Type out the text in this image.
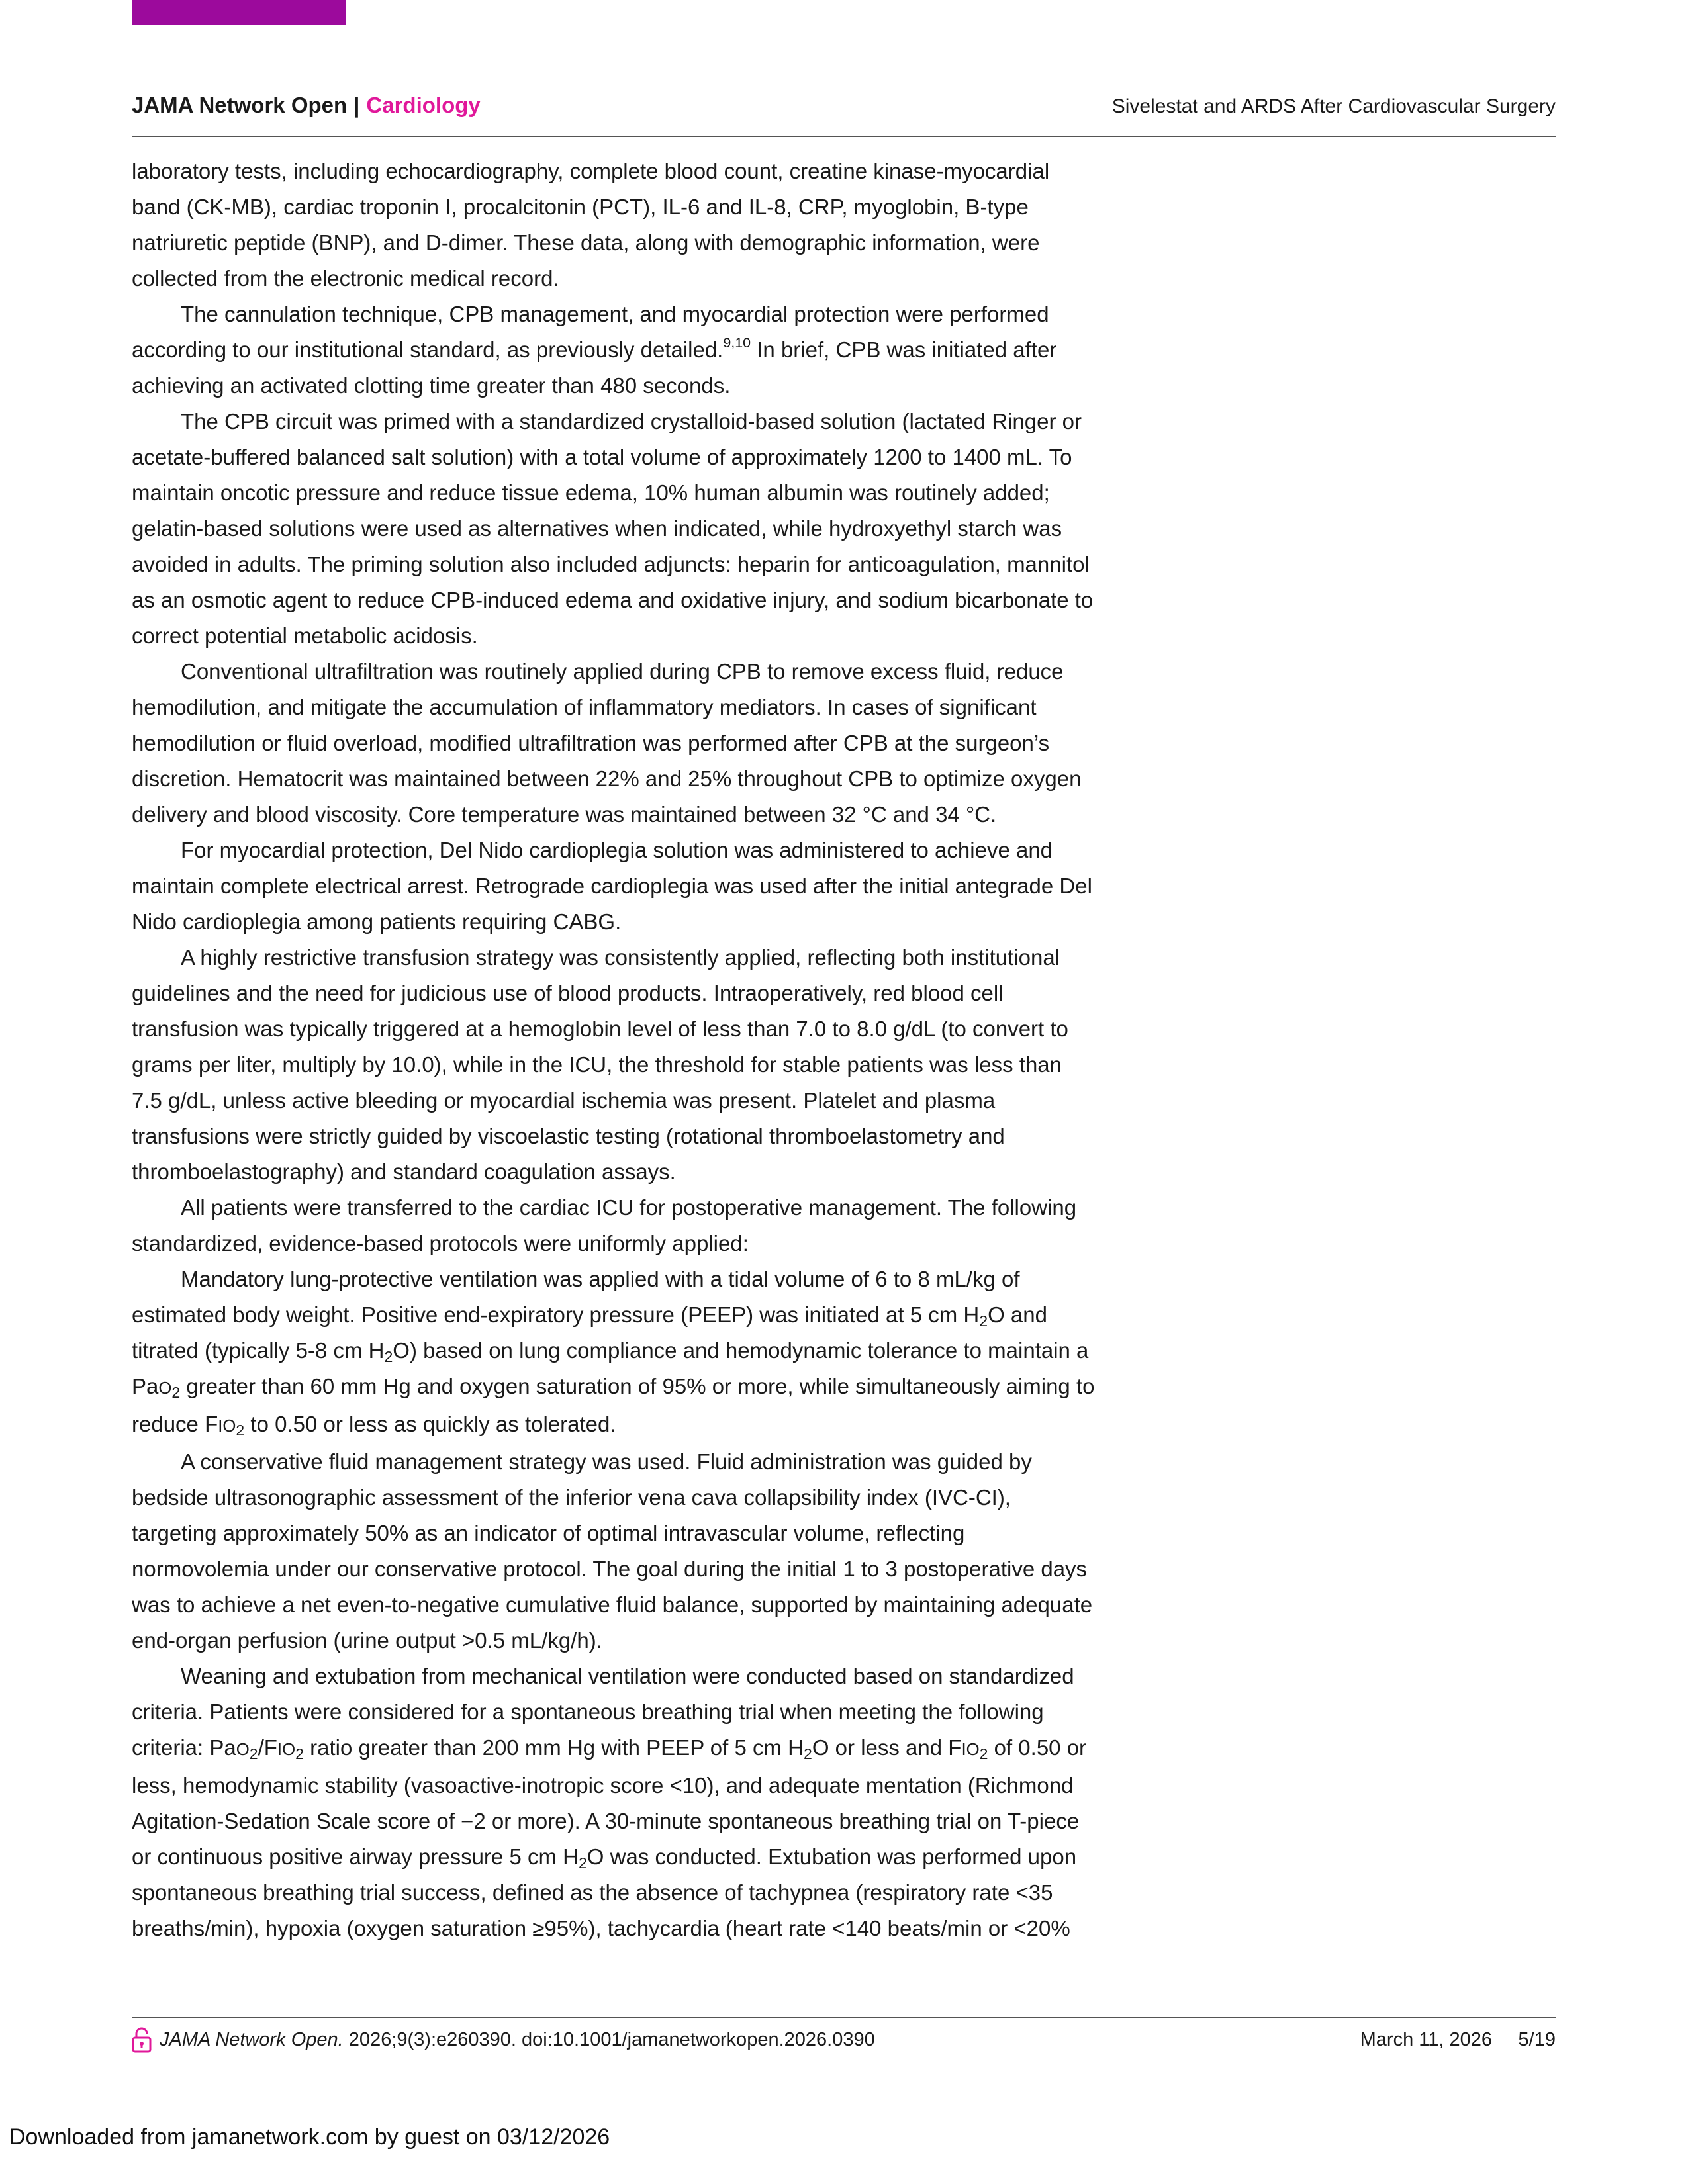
JAMA Network Open | Cardiology	Sivelestat and ARDS After Cardiovascular Surgery

laboratory tests, including echocardiography, complete blood count, creatine kinase-myocardial band (CK-MB), cardiac troponin I, procalcitonin (PCT), IL-6 and IL-8, CRP, myoglobin, B-type natriuretic peptide (BNP), and D-dimer. These data, along with demographic information, were collected from the electronic medical record.

The cannulation technique, CPB management, and myocardial protection were performed according to our institutional standard, as previously detailed.$^{9,10}$ In brief, CPB was initiated after achieving an activated clotting time greater than 480 seconds.

The CPB circuit was primed with a standardized crystalloid-based solution (lactated Ringer or acetate-buffered balanced salt solution) with a total volume of approximately 1200 to 1400 mL. To maintain oncotic pressure and reduce tissue edema, 10% human albumin was routinely added; gelatin-based solutions were used as alternatives when indicated, while hydroxyethyl starch was avoided in adults. The priming solution also included adjuncts: heparin for anticoagulation, mannitol as an osmotic agent to reduce CPB-induced edema and oxidative injury, and sodium bicarbonate to correct potential metabolic acidosis.

Conventional ultrafiltration was routinely applied during CPB to remove excess fluid, reduce hemodilution, and mitigate the accumulation of inflammatory mediators. In cases of significant hemodilution or fluid overload, modified ultrafiltration was performed after CPB at the surgeon’s discretion. Hematocrit was maintained between 22% and 25% throughout CPB to optimize oxygen delivery and blood viscosity. Core temperature was maintained between 32 °C and 34 °C.

For myocardial protection, Del Nido cardioplegia solution was administered to achieve and maintain complete electrical arrest. Retrograde cardioplegia was used after the initial antegrade Del Nido cardioplegia among patients requiring CABG.

A highly restrictive transfusion strategy was consistently applied, reflecting both institutional guidelines and the need for judicious use of blood products. Intraoperatively, red blood cell transfusion was typically triggered at a hemoglobin level of less than 7.0 to 8.0 g/dL (to convert to grams per liter, multiply by 10.0), while in the ICU, the threshold for stable patients was less than 7.5 g/dL, unless active bleeding or myocardial ischemia was present. Platelet and plasma transfusions were strictly guided by viscoelastic testing (rotational thromboelastometry and thromboelastography) and standard coagulation assays.

All patients were transferred to the cardiac ICU for postoperative management. The following standardized, evidence-based protocols were uniformly applied:

Mandatory lung-protective ventilation was applied with a tidal volume of 6 to 8 mL/kg of estimated body weight. Positive end-expiratory pressure (PEEP) was initiated at 5 cm $H_2O$ and titrated (typically 5-8 cm $H_2O$) based on lung compliance and hemodynamic tolerance to maintain a PaO$_2$ greater than 60 mm Hg and oxygen saturation of 95% or more, while simultaneously aiming to reduce $FIO_2$ to 0.50 or less as quickly as tolerated.

A conservative fluid management strategy was used. Fluid administration was guided by bedside ultrasonographic assessment of the inferior vena cava collapsibility index (IVC-CI), targeting approximately 50% as an indicator of optimal intravascular volume, reflecting normovolemia under our conservative protocol. The goal during the initial 1 to 3 postoperative days was to achieve a net even-to-negative cumulative fluid balance, supported by maintaining adequate end-organ perfusion (urine output >0.5 mL/kg/h).

Weaning and extubation from mechanical ventilation were conducted based on standardized criteria. Patients were considered for a spontaneous breathing trial when meeting the following criteria: $PaO_2/FIO_2$ ratio greater than 200 mm Hg with PEEP of 5 cm $H_2O$ or less and $FIO_2$ of 0.50 or less, hemodynamic stability (vasoactive-inotropic score <10), and adequate mentation (Richmond Agitation-Sedation Scale score of −2 or more). A 30-minute spontaneous breathing trial on T-piece or continuous positive airway pressure 5 cm $H_2O$ was conducted. Extubation was performed upon spontaneous breathing trial success, defined as the absence of tachypnea (respiratory rate <35 breaths/min), hypoxia (oxygen saturation ≥95%), tachycardia (heart rate <140 beats/min or <20%

JAMA Network Open. 2026;9(3):e260390. doi:10.1001/jamanetworkopen.2026.0390	March 11, 2026 5/19
Downloaded from jamanetwork.com by guest on 03/12/2026
